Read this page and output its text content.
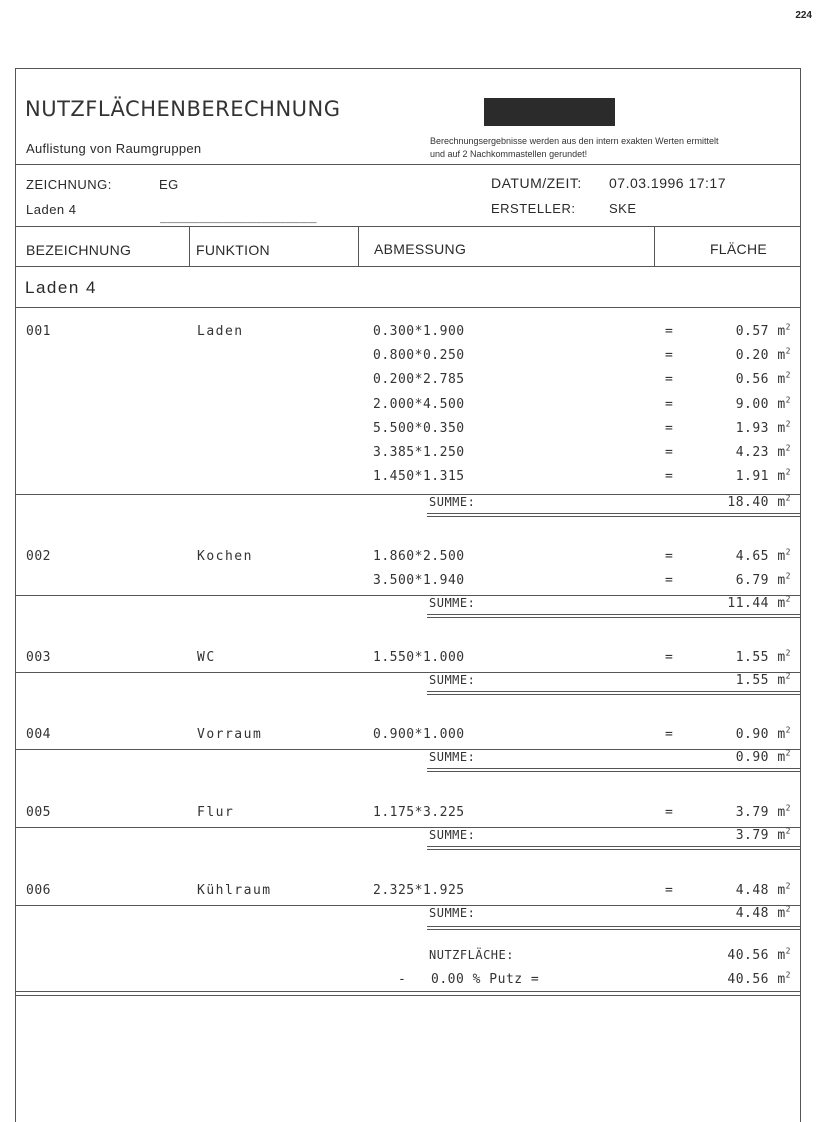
224
NUTZFLÄCHENBERECHNUNG
Auflistung von Raumgruppen	Berechnungsergebnisse werden aus den intern exakten Werten ermittelt
und auf 2 Nachkommastellen gerundet!
ZEICHNUNG:	EG
Laden 4	____________________
DATUM/ZEIT: 07.03.1996 17:17
ERSTELLER:	SKE
BEZEICHNUNG	FUNKTION	ABMESSUNG	FLÄCHE
Laden 4
001	Laden	0.300*1.900	=	0.57 $m^2$
0.800*0.250	=	0.20 $m^2$
0.200*2.785	=	0.56 $m^2$
2.000*4.500	=	9.00 $m^2$
5.500*0.350	=	1.93 $m^2$
3.385*1.250	=	4.23 $m^2$
1.450*1.315	=	1.91 $m^2$
SUMME:	18.40 $m^2$
002	Kochen	1.860*2.500	=	4.65 $m^2$
3.500*1.940	=	6.79 $m^2$
SUMME:	11.44 $m^2$
003	WC	1.550*1.000	=	1.55 $m^2$
SUMME:	1.55 $m^2$
004	Vorraum	0.900*1.000	=	0.90 $m^2$
SUMME:	0.90 $m^2$
005	Flur	1.175*3.225	=	3.79 $m^2$
SUMME:	3.79 $m^2$
006	Kühlraum	2.325*1.925	=	4.48 $m^2$
SUMME:	4.48 $m^2$
NUTZFLÄCHE:	40.56 $m^2$
- 0.00 % Putz =	40.56 $m^2$
